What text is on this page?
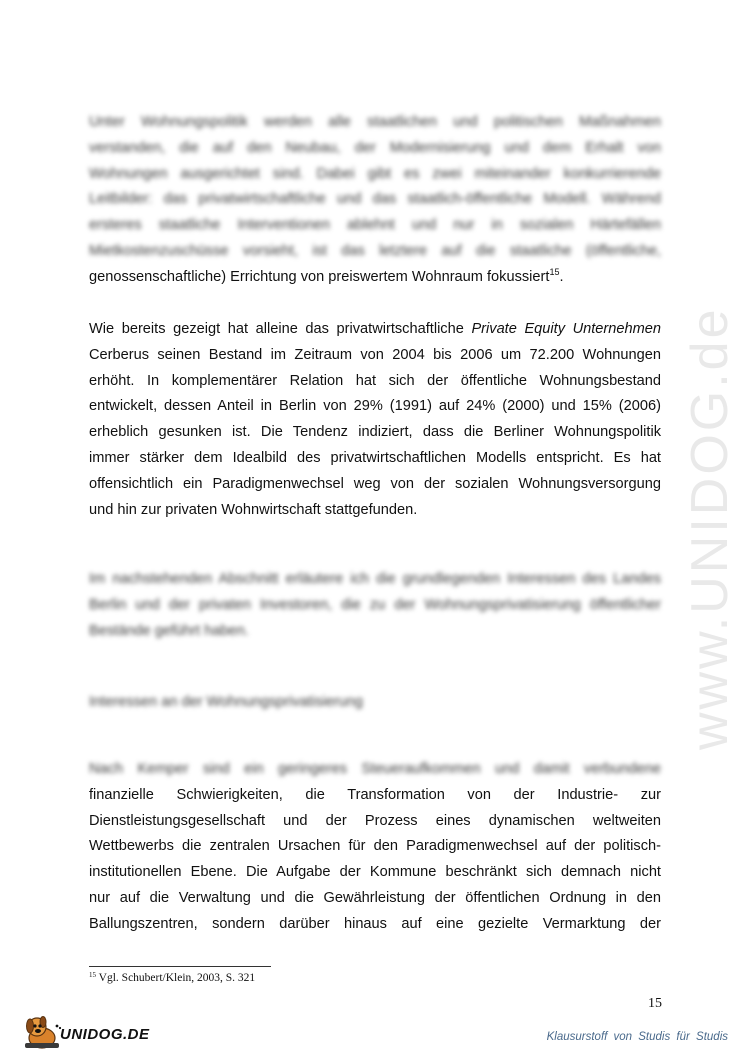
www.UNIDOG.de
Unter Wohnungspolitik werden alle staatlichen und politischen Maßnahmen
verstanden, die auf den Neubau, der Modernisierung und dem Erhalt von
Wohnungen ausgerichtet sind. Dabei gibt es zwei miteinander konkurrierende
Leitbilder: das privatwirtschaftliche und das staatlich-öffentliche Modell. Während
ersteres staatliche Interventionen ablehnt und nur in sozialen Härtefällen
Mietkostenzuschüsse vorsieht, ist das letztere auf die staatliche (öffentliche,
genossenschaftliche) Errichtung von preiswertem Wohnraum fokussiert$^{15}$.
Wie bereits gezeigt hat alleine das privatwirtschaftliche Private Equity Unternehmen
Cerberus seinen Bestand im Zeitraum von 2004 bis 2006 um 72.200 Wohnungen
erhöht. In komplementärer Relation hat sich der öffentliche Wohnungsbestand
entwickelt, dessen Anteil in Berlin von 29% (1991) auf 24% (2000) und 15% (2006)
erheblich gesunken ist. Die Tendenz indiziert, dass die Berliner Wohnungspolitik
immer stärker dem Idealbild des privatwirtschaftlichen Modells entspricht. Es hat
offensichtlich ein Paradigmenwechsel weg von der sozialen Wohnungsversorgung
und hin zur privaten Wohnwirtschaft stattgefunden.
Im nachstehenden Abschnitt erläutere ich die grundlegenden Interessen des Landes
Berlin und der privaten Investoren, die zu der Wohnungsprivatisierung öffentlicher
Bestände geführt haben.
Interessen an der Wohnungsprivatisierung
Nach Kemper sind ein geringeres Steueraufkommen und damit verbundene
finanzielle Schwierigkeiten, die Transformation von der Industrie- zur
Dienstleistungsgesellschaft und der Prozess eines dynamischen weltweiten
Wettbewerbs die zentralen Ursachen für den Paradigmenwechsel auf der politisch-
institutionellen Ebene. Die Aufgabe der Kommune beschränkt sich demnach nicht
nur auf die Verwaltung und die Gewährleistung der öffentlichen Ordnung in den
Ballungszentren, sondern darüber hinaus auf eine gezielte Vermarktung der
$^{15}$ Vgl. Schubert/Klein, 2003, S. 321
15
UNIDOG.DE	Klausurstoff von Studis für Studis
